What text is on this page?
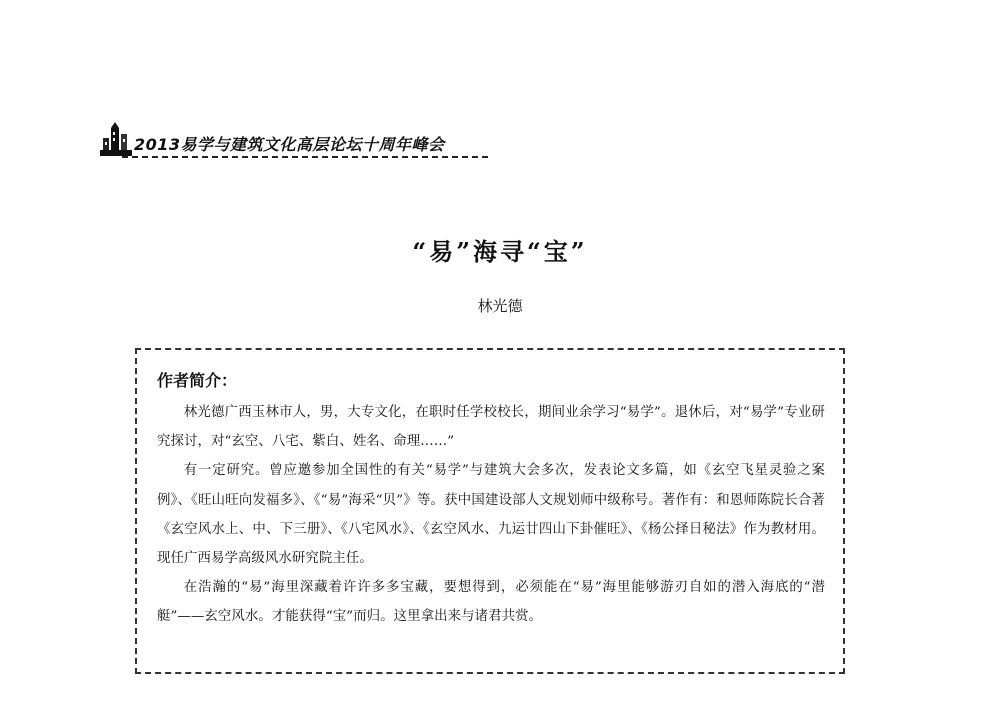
2013易学与建筑文化高层论坛十周年峰会
“易”海寻“宝”
林光德
作者简介：

林光德广西玉林市人，男，大专文化，在职时任学校校长，期间业余学习“易学”。退休后，对“易学”专业研究探讨，对“玄空、八宅、紫白、姓名、命理……”

有一定研究。曾应邀参加全国性的有关“易学”与建筑大会多次，发表论文多篇，如《玄空飞星灵验之案例》、《旺山旺向发福多》、《“易”海采“贝”》等。获中国建设部人文规划师中级称号。著作有：和恩师陈院长合著《玄空风水上、中、下三册》、《八宅风水》、《玄空风水、九运廿四山下卦催旺》、《杨公择日秘法》作为教材用。现任广西易学高级风水研究院主任。

在浩瀚的“易”海里深藏着许许多多宝藏，要想得到，必须能在“易”海里能够游刃自如的潜入海底的“潜艇”——玄空风水。才能获得“宝”而归。这里拿出来与诸君共赏。
